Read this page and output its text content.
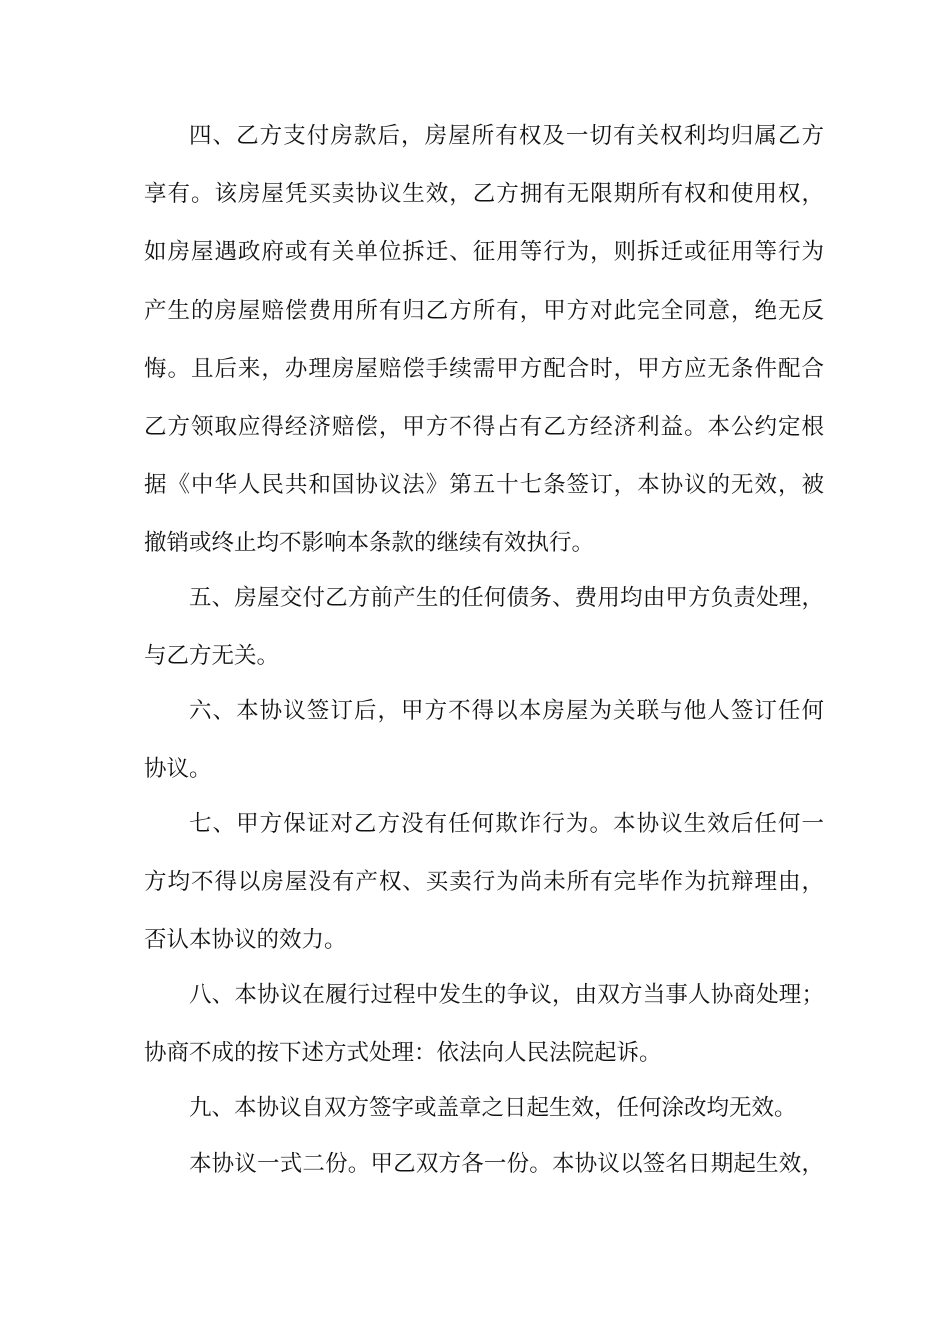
四、乙方支付房款后，房屋所有权及一切有关权利均归属乙方
享有。该房屋凭买卖协议生效，乙方拥有无限期所有权和使用权，
如房屋遇政府或有关单位拆迁、征用等行为，则拆迁或征用等行为
产生的房屋赔偿费用所有归乙方所有，甲方对此完全同意，绝无反
悔。且后来，办理房屋赔偿手续需甲方配合时，甲方应无条件配合
乙方领取应得经济赔偿，甲方不得占有乙方经济利益。本公约定根
据《中华人民共和国协议法》第五十七条签订，本协议的无效，被
撤销或终止均不影响本条款的继续有效执行。
五、房屋交付乙方前产生的任何债务、费用均由甲方负责处理，
与乙方无关。
六、本协议签订后，甲方不得以本房屋为关联与他人签订任何
协议。
七、甲方保证对乙方没有任何欺诈行为。本协议生效后任何一
方均不得以房屋没有产权、买卖行为尚未所有完毕作为抗辩理由，
否认本协议的效力。
八、本协议在履行过程中发生的争议，由双方当事人协商处理；
协商不成的按下述方式处理：依法向人民法院起诉。
九、本协议自双方签字或盖章之日起生效，任何涂改均无效。
本协议一式二份。甲乙双方各一份。本协议以签名日期起生效，
